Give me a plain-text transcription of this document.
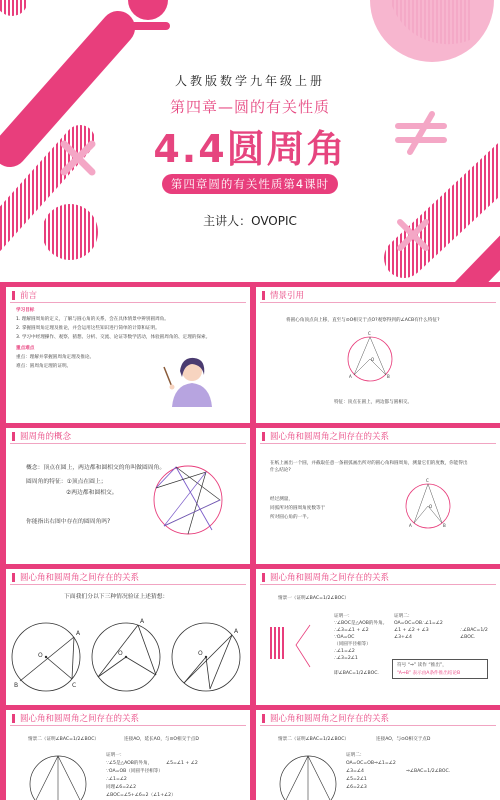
人教版数学九年级上册
第四章—圆的有关性质
4.4圆周角
第四章圆的有关性质第4课时
主讲人：OVOPIC
前言
学习目标
1. 理解圆周角的定义，了解与圆心角的关系，会在具体情景中辨别圆周角。
2. 掌握圆周角定理及推论，并会运用这些知识进行简单的计算和证明。
3. 学习中经理操作、观察、猜想、分析、交流、论证等数学活动，体验圆周角的、定理的探索。
重点难点
重点：理解并掌握圆周角定理及推论。
难点：圆周角定理的证明。
情景引用
将圆心角顶点向上移，直至与⊙O相交于点O?观察得到的∠ACB有什么特征?
C
O
A	B
特征：顶点在圆上，两边都与圆相交。
圆周角的概念
概念：顶点在圆上，两边都和圆相交的角叫做圆周角。
圆周角的特征：①顶点在圆上；
②两边都和圆相交。
你能指出右图中存在的圆周角吗?
圆心角和圆周角之间存在的关系
在纸上画出一个圆，并截取任意一条圆弧画出所对的圆心角和圆周角，测量它们的度数，你能得出什么结论?
经过测量，
同弧所对的圆周角度数等于
所对圆心角的一半。
C
O
A	B
圆心角和圆周角之间存在的关系
下面我们分以下三种情况验证上述猜想：
A
B	C
O
A
O
A
O
圆心角和圆周角之间存在的关系
情景一（证明∠BAC=1/2∠BOC）
证明一：
∵∠BOC是△AOB的外角。
∴∠3=∠1 + ∠2
∵OA=OC
（同圆半径相等）
∴∠1=∠2
∴∠3=2∠1
即∠BAC=1/2∠BOC.
证明二：
OA=OC=OB∴∠1=∠2
∠1 + ∠2 + ∠3
∠3+∠4
∴∠BAC=1/2
∠BOC.
符号 “⇒” 读作 “推出”，
“A⇒B” 表示由A条件推出结论B
圆心角和圆周角之间存在的关系
情景二（证明∠BAC=1/2∠BOC）	连接AO，延长AO，与⊙O相交于点D
证明一：
∵∠5是△AOB的外角，	∠5=∠1 + ∠2
∵OA=OB（同圆半径相等）
∴∠1=∠2
同理∠6=2∠2
∠BOC=∠5+∠6=2（∠1+∠2）
圆心角和圆周角之间存在的关系
情景二（证明∠BAC=1/2∠BOC）	连接AO，与⊙O相交于点D
证明二：
OA=OC=OB⇒∠1=∠2
∠3=∠4
∠5=2∠1
∠6=2∠3
⇒∠BAC=1/2∠BOC.
